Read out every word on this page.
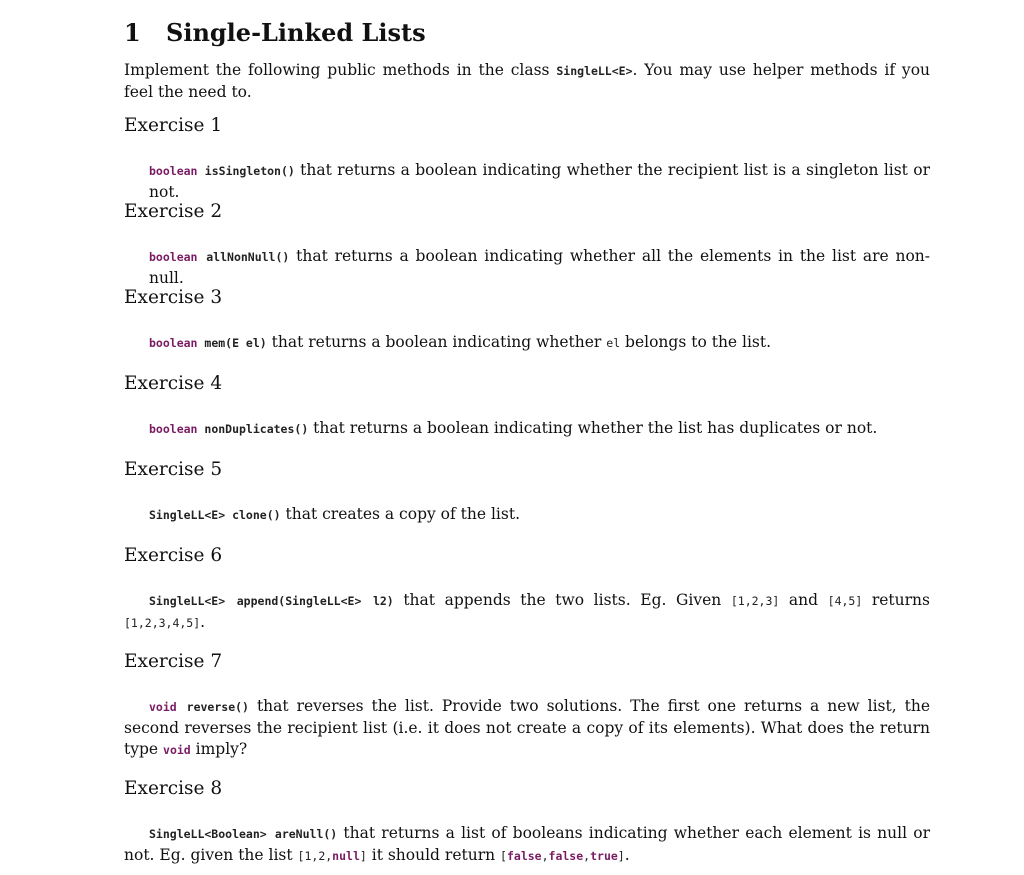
1 Single-Linked Lists

Implement the following public methods in the class SingleLL<E>. You may use helper methods if you feel the need to.

Exercise 1

boolean isSingleton() that returns a boolean indicating whether the recipient list is a singleton list or not.

Exercise 2

boolean allNonNull() that returns a boolean indicating whether all the elements in the list are non-null.

Exercise 3

boolean mem(E el) that returns a boolean indicating whether el belongs to the list.

Exercise 4

boolean nonDuplicates() that returns a boolean indicating whether the list has duplicates or not.

Exercise 5

SingleLL<E> clone() that creates a copy of the list.

Exercise 6

SingleLL<E> append(SingleLL<E> l2) that appends the two lists. Eg. Given [1,2,3] and [4,5] returns [1,2,3,4,5].

Exercise 7

void reverse() that reverses the list. Provide two solutions. The first one returns a new list, the second reverses the recipient list (i.e. it does not create a copy of its elements). What does the return type void imply?

Exercise 8

SingleLL<Boolean> areNull() that returns a list of booleans indicating whether each element is null or not. Eg. given the list [1,2,null] it should return [false,false,true].
